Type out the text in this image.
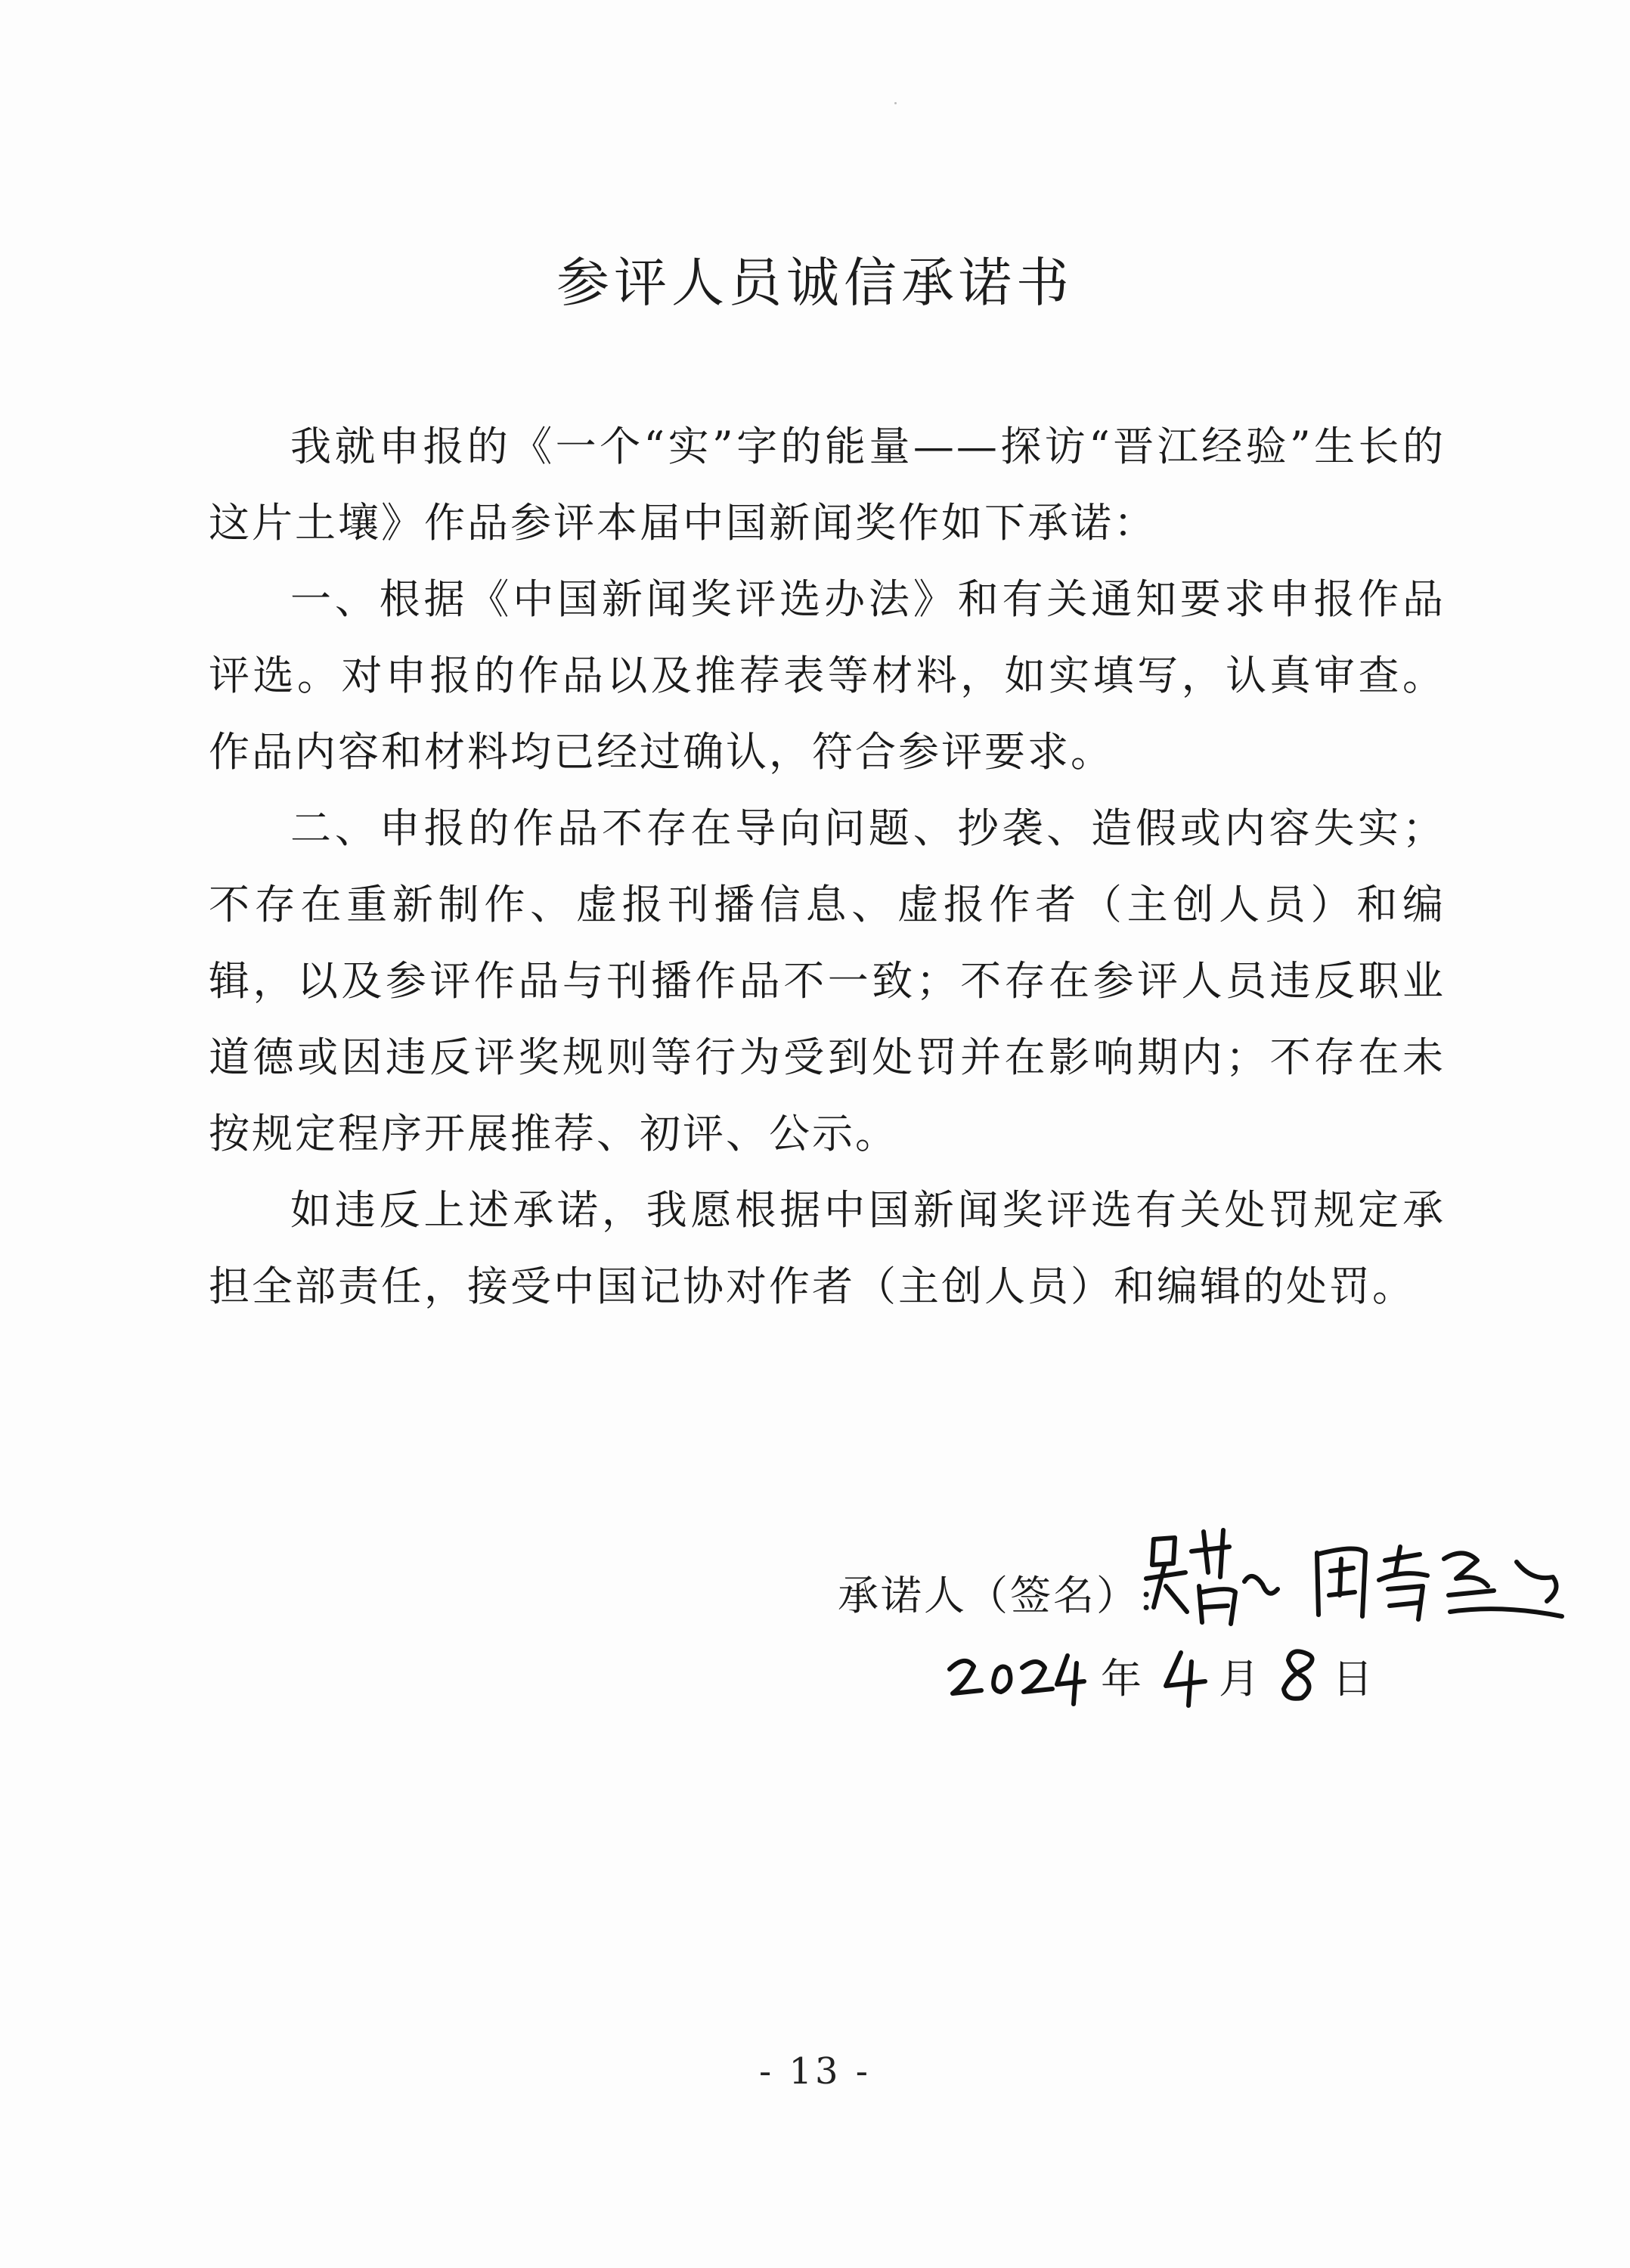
参评人员诚信承诺书

我就申报的《一个“实”字的能量——探访“晋江经验”生长的这片土壤》作品参评本届中国新闻奖作如下承诺：

一、根据《中国新闻奖评选办法》和有关通知要求申报作品评选。对申报的作品以及推荐表等材料，如实填写，认真审查。作品内容和材料均已经过确认，符合参评要求。

二、申报的作品不存在导向问题、抄袭、造假或内容失实；不存在重新制作、虚报刊播信息、虚报作者（主创人员）和编辑，以及参评作品与刊播作品不一致；不存在参评人员违反职业道德或因违反评奖规则等行为受到处罚并在影响期内；不存在未按规定程序开展推荐、初评、公示。

如违反上述承诺，我愿根据中国新闻奖评选有关处罚规定承担全部责任，接受中国记协对作者（主创人员）和编辑的处罚。

承诺人（签名）:
年 月 日
- 13 -
